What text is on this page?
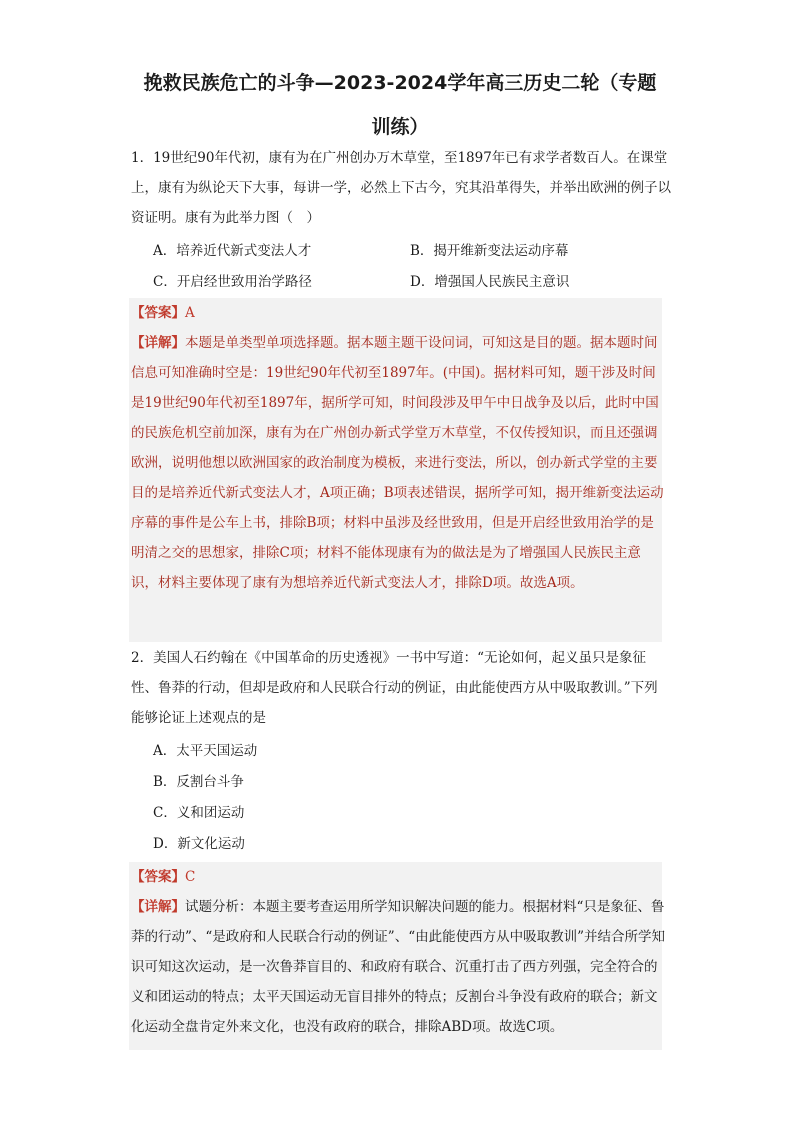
挽救民族危亡的斗争—2023-2024学年高三历史二轮（专题
训练）

1．19世纪90年代初，康有为在广州创办万木草堂，至1897年已有求学者数百人。在课堂上，康有为纵论天下大事，每讲一学，必然上下古今，究其沿革得失，并举出欧洲的例子以资证明。康有为此举力图（　）

A．培养近代新式变法人才	B．揭开维新变法运动序幕
C．开启经世致用治学路径	D．增强国人民族民主意识
【答案】A

【详解】本题是单类型单项选择题。据本题主题干设问词，可知这是目的题。据本题时间信息可知准确时空是：19世纪90年代初至1897年。(中国)。据材料可知，题干涉及时间是19世纪90年代初至1897年，据所学可知，时间段涉及甲午中日战争及以后，此时中国的民族危机空前加深，康有为在广州创办新式学堂万木草堂，不仅传授知识，而且还强调欧洲，说明他想以欧洲国家的政治制度为模板，来进行变法，所以，创办新式学堂的主要目的是培养近代新式变法人才，A项正确；B项表述错误，据所学可知，揭开维新变法运动序幕的事件是公车上书，排除B项；材料中虽涉及经世致用，但是开启经世致用治学的是明清之交的思想家，排除C项；材料不能体现康有为的做法是为了增强国人民族民主意识，材料主要体现了康有为想培养近代新式变法人才，排除D项。故选A项。

2．美国人石约翰在《中国革命的历史透视》一书中写道：“无论如何，起义虽只是象征性、鲁莽的行动，但却是政府和人民联合行动的例证，由此能使西方从中吸取教训。”下列能够论证上述观点的是

A．太平天国运动
B．反割台斗争
C．义和团运动
D．新文化运动
【答案】C

【详解】试题分析：本题主要考查运用所学知识解决问题的能力。根据材料“只是象征、鲁莽的行动”、“是政府和人民联合行动的例证”、“由此能使西方从中吸取教训”并结合所学知识可知这次运动，是一次鲁莽盲目的、和政府有联合、沉重打击了西方列强，完全符合的义和团运动的特点；太平天国运动无盲目排外的特点；反割台斗争没有政府的联合；新文化运动全盘肯定外来文化，也没有政府的联合，排除ABD项。故选C项。
